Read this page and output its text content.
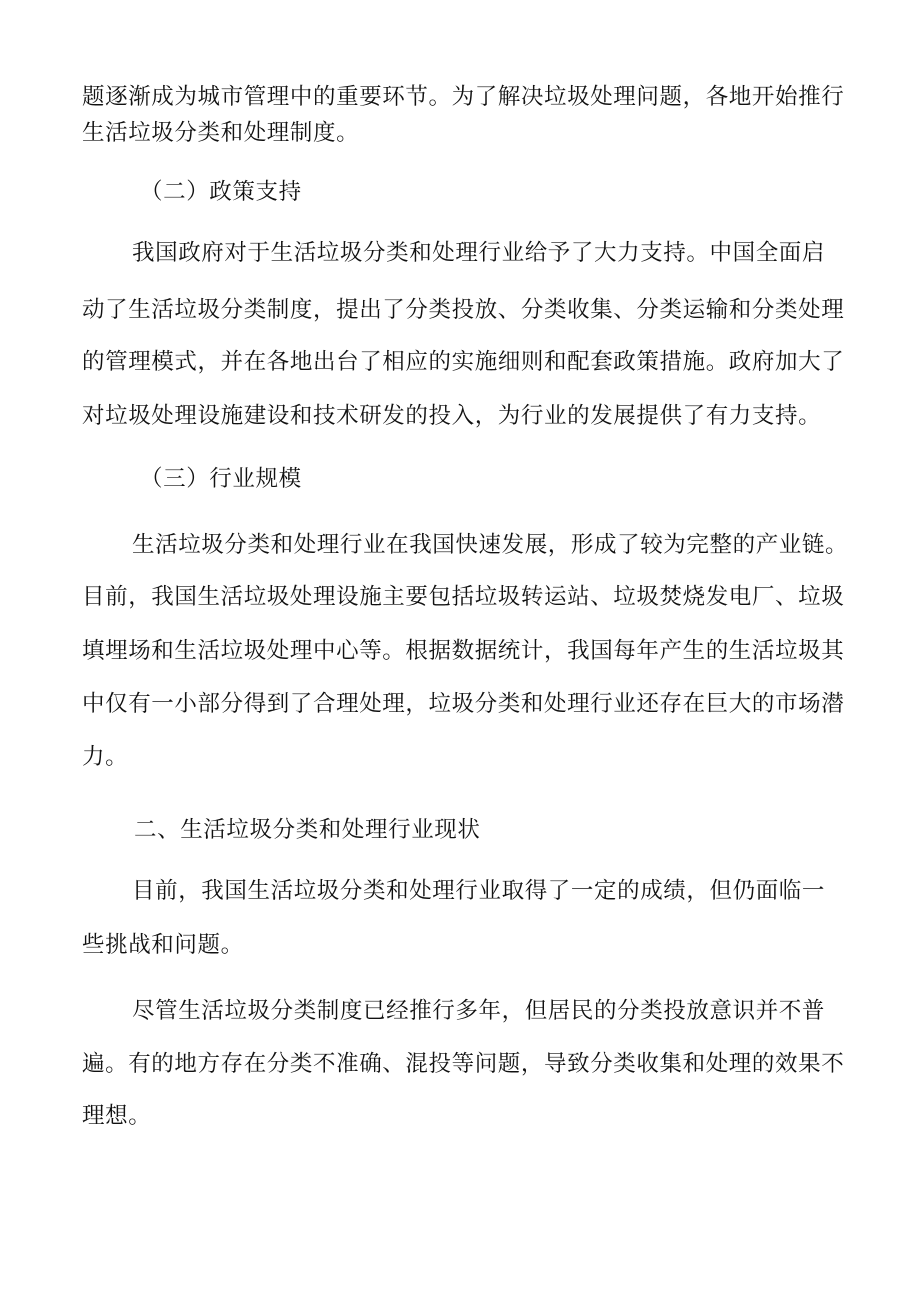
题逐渐成为城市管理中的重要环节。为了解决垃圾处理问题，各地开始推行
生活垃圾分类和处理制度。
（二）政策支持
我国政府对于生活垃圾分类和处理行业给予了大力支持。中国全面启
动了生活垃圾分类制度，提出了分类投放、分类收集、分类运输和分类处理
的管理模式，并在各地出台了相应的实施细则和配套政策措施。政府加大了
对垃圾处理设施建设和技术研发的投入，为行业的发展提供了有力支持。
（三）行业规模
生活垃圾分类和处理行业在我国快速发展，形成了较为完整的产业链。
目前，我国生活垃圾处理设施主要包括垃圾转运站、垃圾焚烧发电厂、垃圾
填埋场和生活垃圾处理中心等。根据数据统计，我国每年产生的生活垃圾其
中仅有一小部分得到了合理处理，垃圾分类和处理行业还存在巨大的市场潜
力。
二、生活垃圾分类和处理行业现状
目前，我国生活垃圾分类和处理行业取得了一定的成绩，但仍面临一
些挑战和问题。
尽管生活垃圾分类制度已经推行多年，但居民的分类投放意识并不普
遍。有的地方存在分类不准确、混投等问题，导致分类收集和处理的效果不
理想。
